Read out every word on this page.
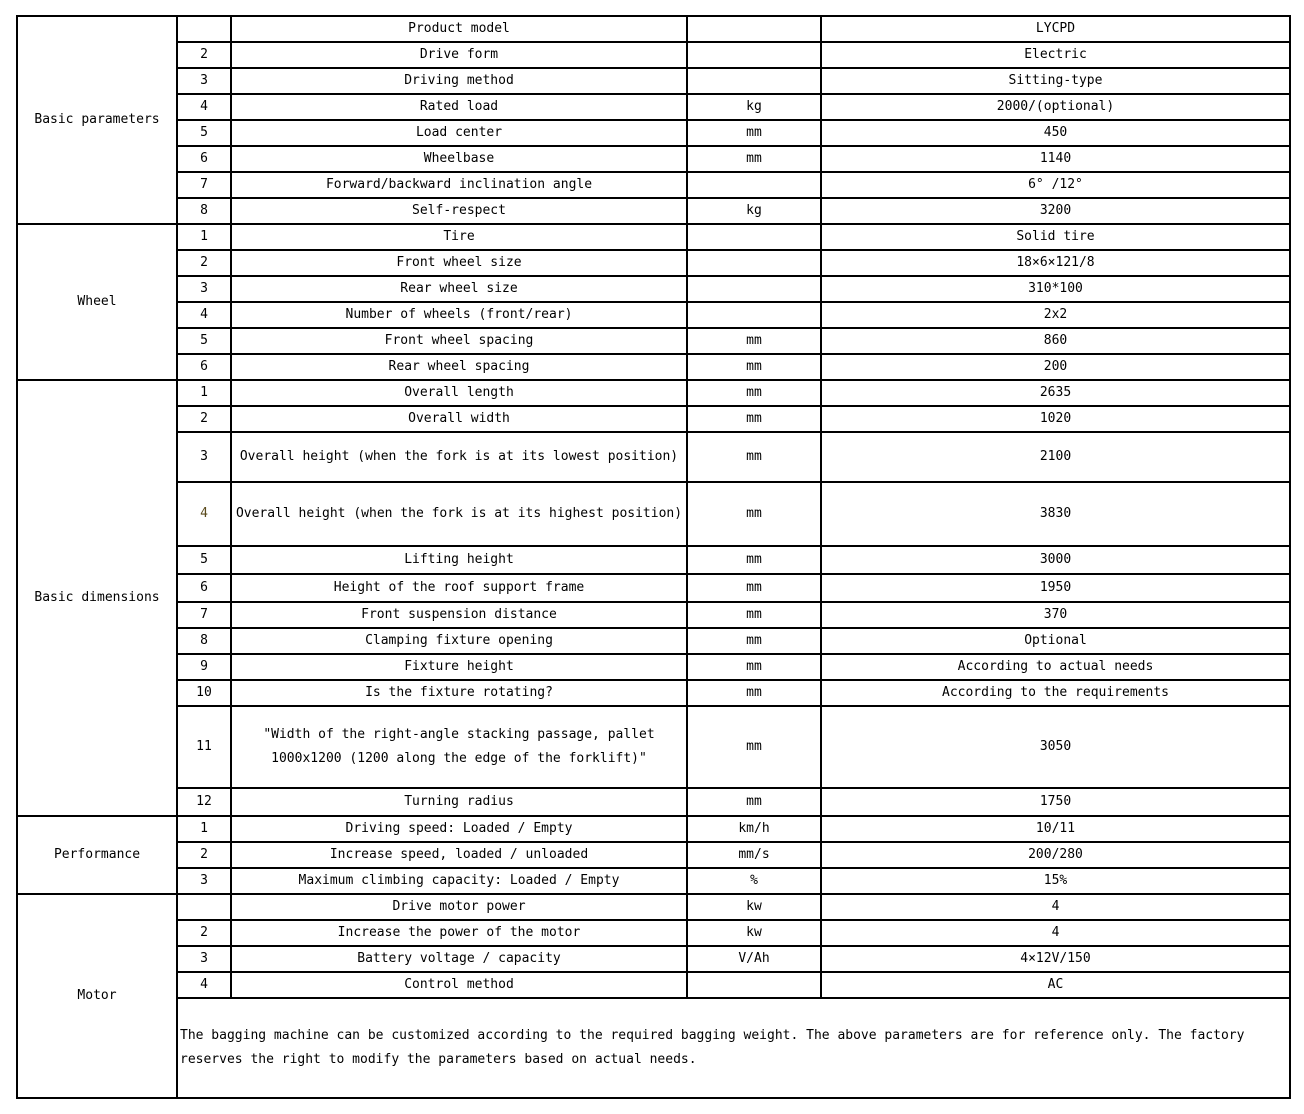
Basic parameters		Product model		LYCPD
	2	Drive form		Electric
	3	Driving method		Sitting-type
	4	Rated load	kg	2000/(optional)
	5	Load center	mm	450
	6	Wheelbase	mm	1140
	7	Forward/backward inclination angle		6° /12°
	8	Self-respect	kg	3200
Wheel	1	Tire		Solid tire
	2	Front wheel size		18×6×121/8
	3	Rear wheel size		310*100
	4	Number of wheels (front/rear)		2x2
	5	Front wheel spacing	mm	860
	6	Rear wheel spacing	mm	200
Basic dimensions	1	Overall length	mm	2635
	2	Overall width	mm	1020
	3	Overall height (when the fork is at its lowest position)	mm	2100
	4	Overall height (when the fork is at its highest position)	mm	3830
	5	Lifting height	mm	3000
	6	Height of the roof support frame	mm	1950
	7	Front suspension distance	mm	370
	8	Clamping fixture opening	mm	Optional
	9	Fixture height	mm	According to actual needs
	10	Is the fixture rotating?	mm	According to the requirements
	11	"Width of the right-angle stacking passage, pallet 1000x1200 (1200 along the edge of the forklift)"	mm	3050
	12	Turning radius	mm	1750
Performance	1	Driving speed: Loaded / Empty	km/h	10/11
	2	Increase speed, loaded / unloaded	mm/s	200/280
	3	Maximum climbing capacity: Loaded / Empty	%	15%
Motor		Drive motor power	kw	4
	2	Increase the power of the motor	kw	4
	3	Battery voltage / capacity	V/Ah	4×12V/150
	4	Control method		AC
	The bagging machine can be customized according to the required bagging weight. The above parameters are for reference only. The factory reserves the right to modify the parameters based on actual needs.			
